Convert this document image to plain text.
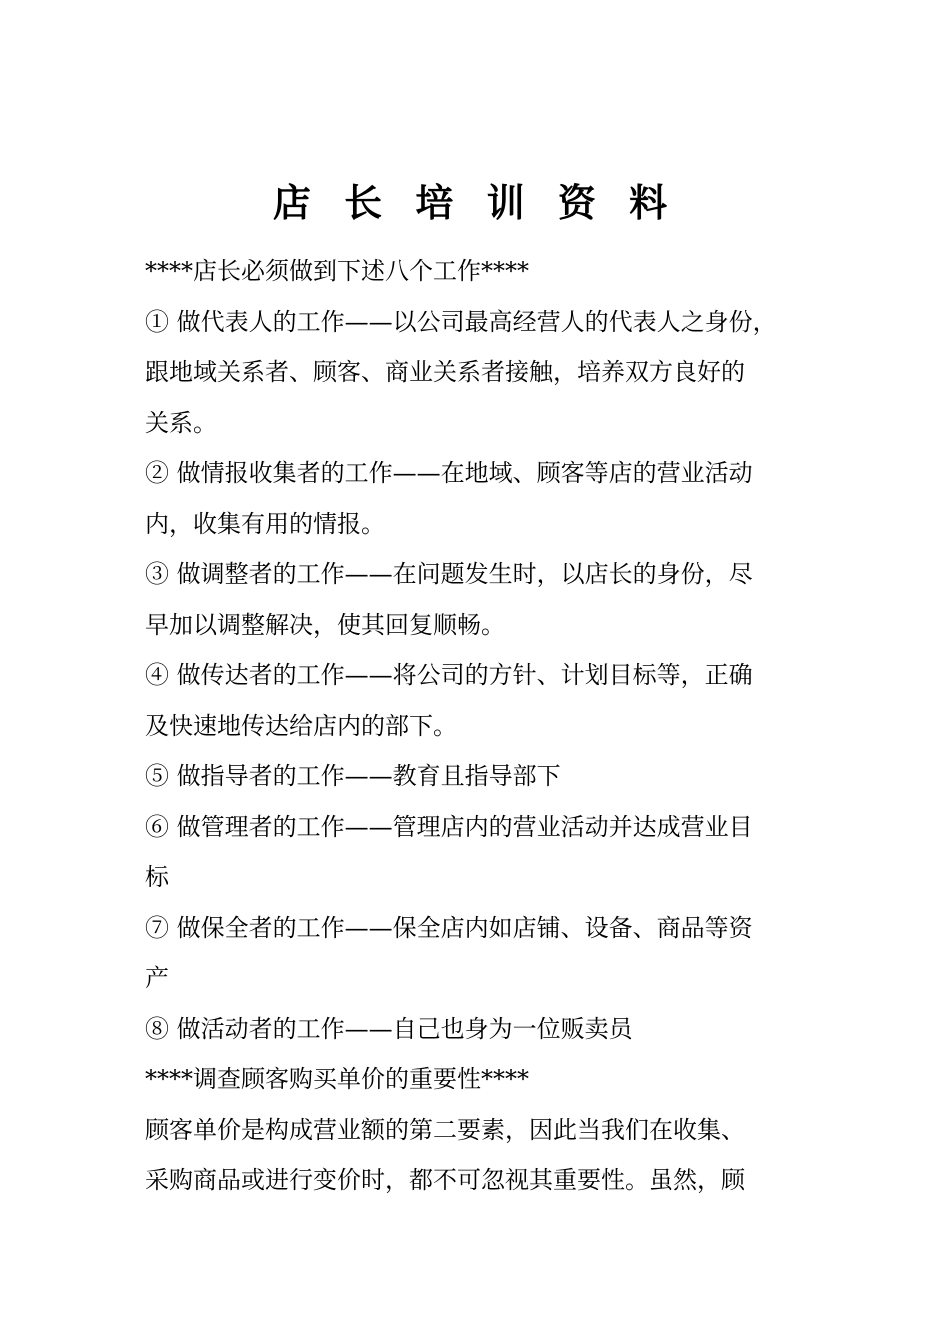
店 长 培 训 资 料
****店长必须做到下述八个工作****
① 做代表人的工作——以公司最高经营人的代表人之身份，
跟地域关系者、顾客、商业关系者接触，培养双方良好的
关系。
② 做情报收集者的工作——在地域、顾客等店的营业活动
内，收集有用的情报。
③ 做调整者的工作——在问题发生时，以店长的身份，尽
早加以调整解决，使其回复顺畅。
④ 做传达者的工作——将公司的方针、计划目标等，正确
及快速地传达给店内的部下。
⑤ 做指导者的工作——教育且指导部下
⑥ 做管理者的工作——管理店内的营业活动并达成营业目
标
⑦ 做保全者的工作——保全店内如店铺、设备、商品等资
产
⑧ 做活动者的工作——自己也身为一位贩卖员
****调查顾客购买单价的重要性****
顾客单价是构成营业额的第二要素，因此当我们在收集、
采购商品或进行变价时，都不可忽视其重要性。虽然，顾
